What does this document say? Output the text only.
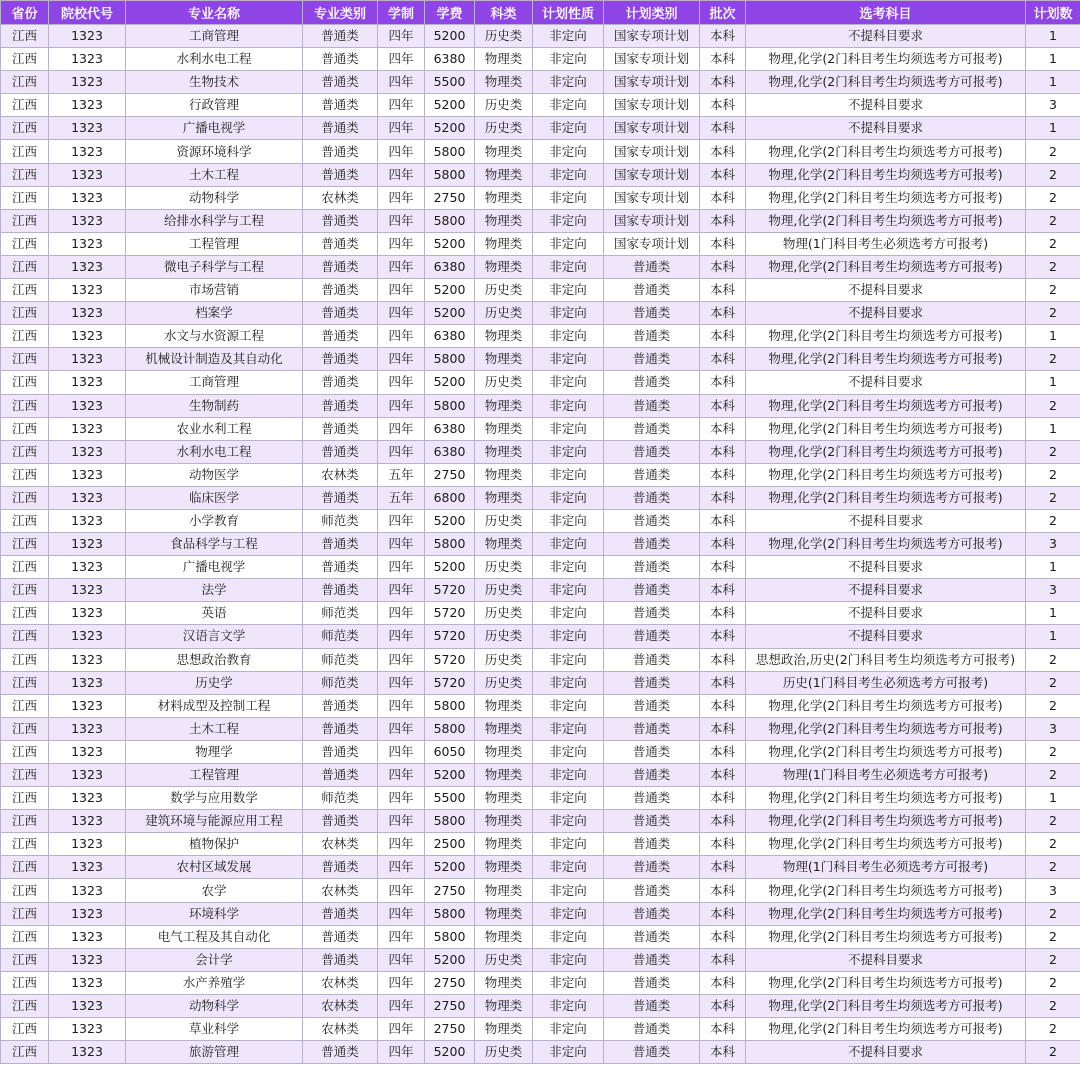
省份	院校代号	专业名称	专业类别	学制	学费	科类	计划性质	计划类别	批次	选考科目	计划数
江西	1323	工商管理	普通类	四年	5200	历史类	非定向	国家专项计划	本科	不提科目要求	1
江西	1323	水利水电工程	普通类	四年	6380	物理类	非定向	国家专项计划	本科	物理,化学(2门科目考生均须选考方可报考)	1
江西	1323	生物技术	普通类	四年	5500	物理类	非定向	国家专项计划	本科	物理,化学(2门科目考生均须选考方可报考)	1
江西	1323	行政管理	普通类	四年	5200	历史类	非定向	国家专项计划	本科	不提科目要求	3
江西	1323	广播电视学	普通类	四年	5200	历史类	非定向	国家专项计划	本科	不提科目要求	1
江西	1323	资源环境科学	普通类	四年	5800	物理类	非定向	国家专项计划	本科	物理,化学(2门科目考生均须选考方可报考)	2
江西	1323	土木工程	普通类	四年	5800	物理类	非定向	国家专项计划	本科	物理,化学(2门科目考生均须选考方可报考)	2
江西	1323	动物科学	农林类	四年	2750	物理类	非定向	国家专项计划	本科	物理,化学(2门科目考生均须选考方可报考)	2
江西	1323	给排水科学与工程	普通类	四年	5800	物理类	非定向	国家专项计划	本科	物理,化学(2门科目考生均须选考方可报考)	2
江西	1323	工程管理	普通类	四年	5200	物理类	非定向	国家专项计划	本科	物理(1门科目考生必须选考方可报考)	2
江西	1323	微电子科学与工程	普通类	四年	6380	物理类	非定向	普通类	本科	物理,化学(2门科目考生均须选考方可报考)	2
江西	1323	市场营销	普通类	四年	5200	历史类	非定向	普通类	本科	不提科目要求	2
江西	1323	档案学	普通类	四年	5200	历史类	非定向	普通类	本科	不提科目要求	2
江西	1323	水文与水资源工程	普通类	四年	6380	物理类	非定向	普通类	本科	物理,化学(2门科目考生均须选考方可报考)	1
江西	1323	机械设计制造及其自动化	普通类	四年	5800	物理类	非定向	普通类	本科	物理,化学(2门科目考生均须选考方可报考)	2
江西	1323	工商管理	普通类	四年	5200	历史类	非定向	普通类	本科	不提科目要求	1
江西	1323	生物制药	普通类	四年	5800	物理类	非定向	普通类	本科	物理,化学(2门科目考生均须选考方可报考)	2
江西	1323	农业水利工程	普通类	四年	6380	物理类	非定向	普通类	本科	物理,化学(2门科目考生均须选考方可报考)	1
江西	1323	水利水电工程	普通类	四年	6380	物理类	非定向	普通类	本科	物理,化学(2门科目考生均须选考方可报考)	2
江西	1323	动物医学	农林类	五年	2750	物理类	非定向	普通类	本科	物理,化学(2门科目考生均须选考方可报考)	2
江西	1323	临床医学	普通类	五年	6800	物理类	非定向	普通类	本科	物理,化学(2门科目考生均须选考方可报考)	2
江西	1323	小学教育	师范类	四年	5200	历史类	非定向	普通类	本科	不提科目要求	2
江西	1323	食品科学与工程	普通类	四年	5800	物理类	非定向	普通类	本科	物理,化学(2门科目考生均须选考方可报考)	3
江西	1323	广播电视学	普通类	四年	5200	历史类	非定向	普通类	本科	不提科目要求	1
江西	1323	法学	普通类	四年	5720	历史类	非定向	普通类	本科	不提科目要求	3
江西	1323	英语	师范类	四年	5720	历史类	非定向	普通类	本科	不提科目要求	1
江西	1323	汉语言文学	师范类	四年	5720	历史类	非定向	普通类	本科	不提科目要求	1
江西	1323	思想政治教育	师范类	四年	5720	历史类	非定向	普通类	本科	思想政治,历史(2门科目考生均须选考方可报考)	2
江西	1323	历史学	师范类	四年	5720	历史类	非定向	普通类	本科	历史(1门科目考生必须选考方可报考)	2
江西	1323	材料成型及控制工程	普通类	四年	5800	物理类	非定向	普通类	本科	物理,化学(2门科目考生均须选考方可报考)	2
江西	1323	土木工程	普通类	四年	5800	物理类	非定向	普通类	本科	物理,化学(2门科目考生均须选考方可报考)	3
江西	1323	物理学	普通类	四年	6050	物理类	非定向	普通类	本科	物理,化学(2门科目考生均须选考方可报考)	2
江西	1323	工程管理	普通类	四年	5200	物理类	非定向	普通类	本科	物理(1门科目考生必须选考方可报考)	2
江西	1323	数学与应用数学	师范类	四年	5500	物理类	非定向	普通类	本科	物理,化学(2门科目考生均须选考方可报考)	1
江西	1323	建筑环境与能源应用工程	普通类	四年	5800	物理类	非定向	普通类	本科	物理,化学(2门科目考生均须选考方可报考)	2
江西	1323	植物保护	农林类	四年	2500	物理类	非定向	普通类	本科	物理,化学(2门科目考生均须选考方可报考)	2
江西	1323	农村区域发展	普通类	四年	5200	物理类	非定向	普通类	本科	物理(1门科目考生必须选考方可报考)	2
江西	1323	农学	农林类	四年	2750	物理类	非定向	普通类	本科	物理,化学(2门科目考生均须选考方可报考)	3
江西	1323	环境科学	普通类	四年	5800	物理类	非定向	普通类	本科	物理,化学(2门科目考生均须选考方可报考)	2
江西	1323	电气工程及其自动化	普通类	四年	5800	物理类	非定向	普通类	本科	物理,化学(2门科目考生均须选考方可报考)	2
江西	1323	会计学	普通类	四年	5200	历史类	非定向	普通类	本科	不提科目要求	2
江西	1323	水产养殖学	农林类	四年	2750	物理类	非定向	普通类	本科	物理,化学(2门科目考生均须选考方可报考)	2
江西	1323	动物科学	农林类	四年	2750	物理类	非定向	普通类	本科	物理,化学(2门科目考生均须选考方可报考)	2
江西	1323	草业科学	农林类	四年	2750	物理类	非定向	普通类	本科	物理,化学(2门科目考生均须选考方可报考)	2
江西	1323	旅游管理	普通类	四年	5200	历史类	非定向	普通类	本科	不提科目要求	2
